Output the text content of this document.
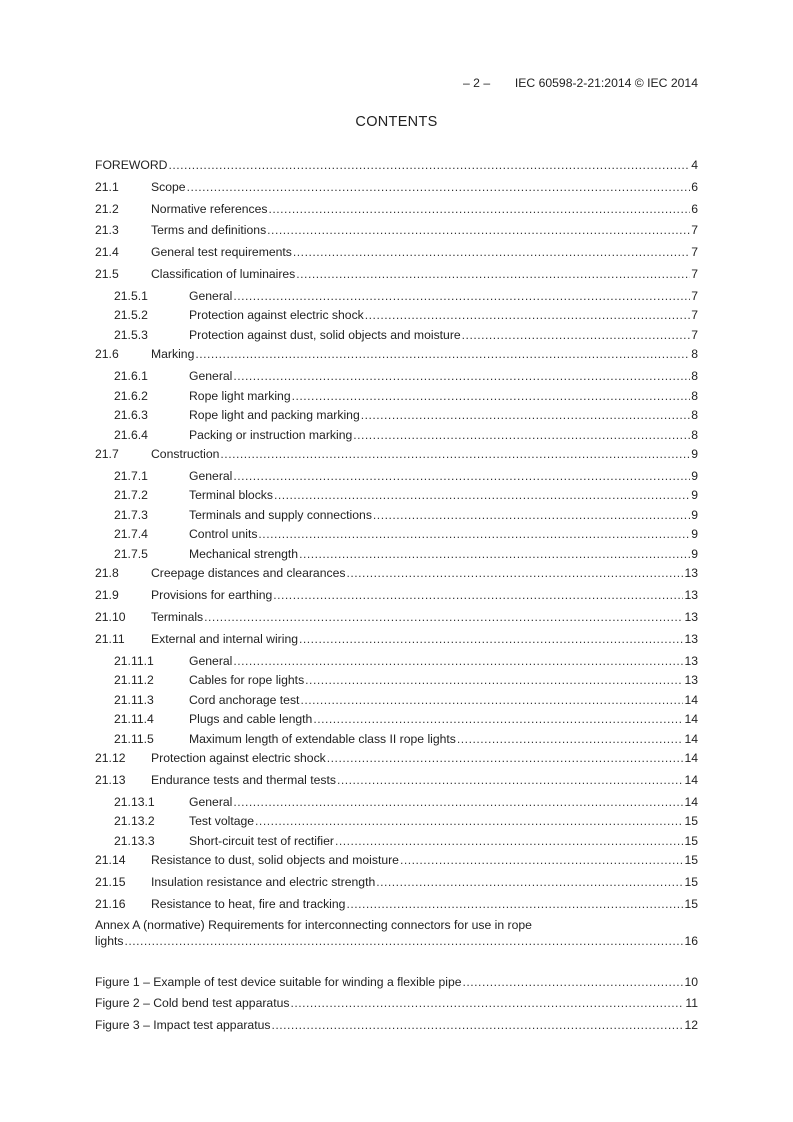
– 2 – IEC 60598-2-21:2014 © IEC 2014
CONTENTS
FOREWORD .....	4
21.1	Scope .....	6
21.2	Normative references .....	6
21.3	Terms and definitions .....	7
21.4	General test requirements .....	7
21.5	Classification of luminaires .....	7
21.5.1	General .....	7
21.5.2	Protection against electric shock .....	7
21.5.3	Protection against dust, solid objects and moisture .....	7
21.6	Marking .....	8
21.6.1	General .....	8
21.6.2	Rope light marking .....	8
21.6.3	Rope light and packing marking .....	8
21.6.4	Packing or instruction marking .....	8
21.7	Construction .....	9
21.7.1	General .....	9
21.7.2	Terminal blocks .....	9
21.7.3	Terminals and supply connections .....	9
21.7.4	Control units .....	9
21.7.5	Mechanical strength .....	9
21.8	Creepage distances and clearances .....	13
21.9	Provisions for earthing .....	13
21.10	Terminals .....	13
21.11	External and internal wiring .....	13
21.11.1	General .....	13
21.11.2	Cables for rope lights .....	13
21.11.3	Cord anchorage test .....	14
21.11.4	Plugs and cable length .....	14
21.11.5	Maximum length of extendable class II rope lights .....	14
21.12	Protection against electric shock .....	14
21.13	Endurance tests and thermal tests .....	14
21.13.1	General .....	14
21.13.2	Test voltage .....	15
21.13.3	Short-circuit test of rectifier .....	15
21.14	Resistance to dust, solid objects and moisture .....	15
21.15	Insulation resistance and electric strength .....	15
21.16	Resistance to heat, fire and tracking .....	15
Annex A (normative) Requirements for interconnecting connectors for use in rope
lights .....	16
Figure 1 – Example of test device suitable for winding a flexible pipe .....	10
Figure 2 – Cold bend test apparatus .....	11
Figure 3 – Impact test apparatus .....	12
